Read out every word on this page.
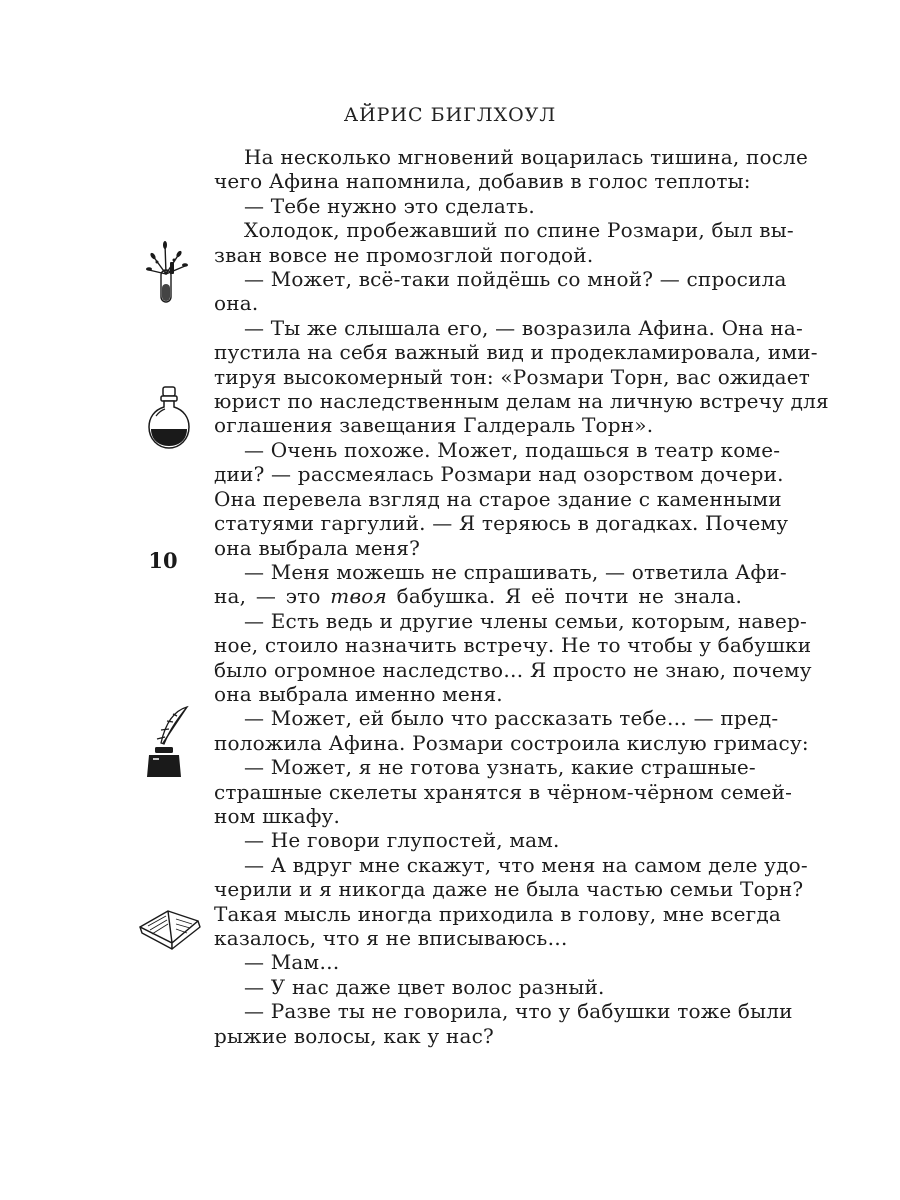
АЙРИС БИГЛХОУЛ
10
На несколько мгновений воцарилась тишина, после
чего Афина напомнила, добавив в голос теплоты:
— Тебе нужно это сделать.
Холодок, пробежавший по спине Розмари, был вы-
зван вовсе не промозглой погодой.
— Может, всё-таки пойдёшь со мной? — спросила
она.
— Ты же слышала его, — возразила Афина. Она на-
пустила на себя важный вид и продекламировала, ими-
тируя высокомерный тон: «Розмари Торн, вас ожидает
юрист по наследственным делам на личную встречу для
оглашения завещания Галдераль Торн».
— Очень похоже. Может, подашься в театр коме-
дии? — рассмеялась Розмари над озорством дочери.
Она перевела взгляд на старое здание с каменными
статуями гаргулий. — Я теряюсь в догадках. Почему
она выбрала меня?
— Меня можешь не спрашивать, — ответила Афи-
на, — это твоя бабушка. Я её почти не знала.
— Есть ведь и другие члены семьи, которым, навер-
ное, стоило назначить встречу. Не то чтобы у бабушки
было огромное наследство… Я просто не знаю, почему
она выбрала именно меня.
— Может, ей было что рассказать тебе… — пред-
положила Афина. Розмари состроила кислую гримасу:
— Может, я не готова узнать, какие страшные-
страшные скелеты хранятся в чёрном-чёрном семей-
ном шкафу.
— Не говори глупостей, мам.
— А вдруг мне скажут, что меня на самом деле удо-
черили и я никогда даже не была частью семьи Торн?
Такая мысль иногда приходила в голову, мне всегда
казалось, что я не вписываюсь…
— Мам…
— У нас даже цвет волос разный.
— Разве ты не говорила, что у бабушки тоже были
рыжие волосы, как у нас?
